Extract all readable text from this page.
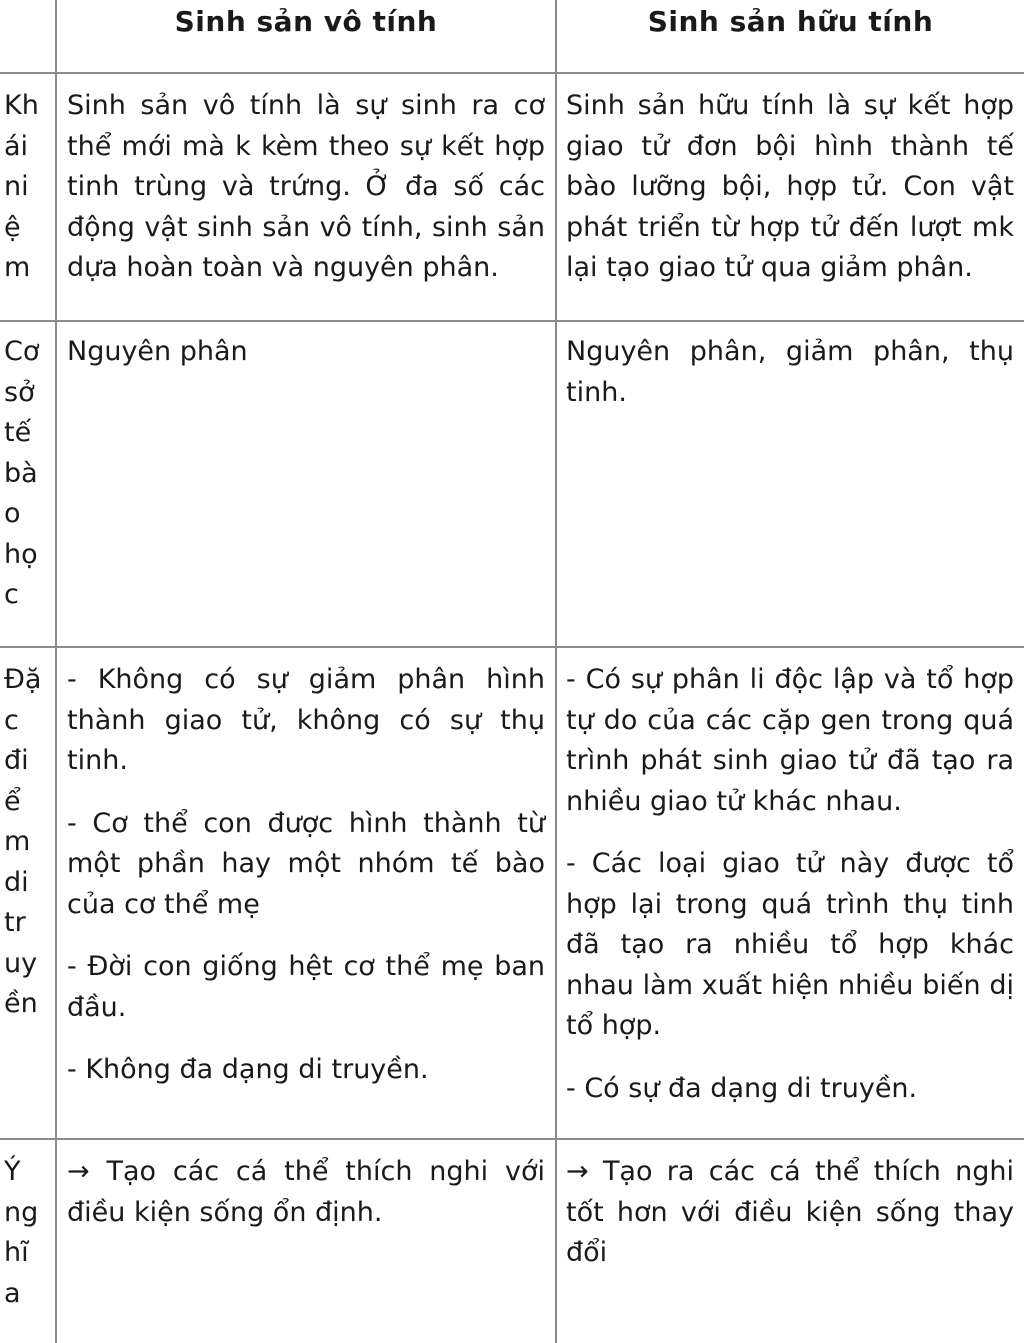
Sinh sản vô tính	Sinh sản hữu tính
Kh
ái
ni
ệ
m

Sinh sản vô tính là sự sinh ra cơ thể mới mà k kèm theo sự kết hợp tinh trùng và trứng. Ở đa số các động vật sinh sản vô tính, sinh sản dựa hoàn toàn và nguyên phân.

Sinh sản hữu tính là sự kết hợp giao tử đơn bội hình thành tế bào lưỡng bội, hợp tử. Con vật phát triển từ hợp tử đến lượt mk lại tạo giao tử qua giảm phân.

Cơ
sở
tế
bà
o
họ
c

Nguyên phân	Nguyên phân, giảm phân, thụ tinh.

Đặ
c
đi
ể
m
di
tr
uy
ền

- Không có sự giảm phân hình thành giao tử, không có sự thụ tinh.

- Cơ thể con được hình thành từ một phần hay một nhóm tế bào của cơ thể mẹ

- Đời con giống hệt cơ thể mẹ ban đầu.

- Không đa dạng di truyền.

- Có sự phân li độc lập và tổ hợp tự do của các cặp gen trong quá trình phát sinh giao tử đã tạo ra nhiều giao tử khác nhau.

- Các loại giao tử này được tổ hợp lại trong quá trình thụ tinh đã tạo ra nhiều tổ hợp khác nhau làm xuất hiện nhiều biến dị tổ hợp.

- Có sự đa dạng di truyền.

Ý
ng
hĩ
a

→ Tạo các cá thể thích nghi với điều kiện sống ổn định.

→ Tạo ra các cá thể thích nghi tốt hơn với điều kiện sống thay đổi
